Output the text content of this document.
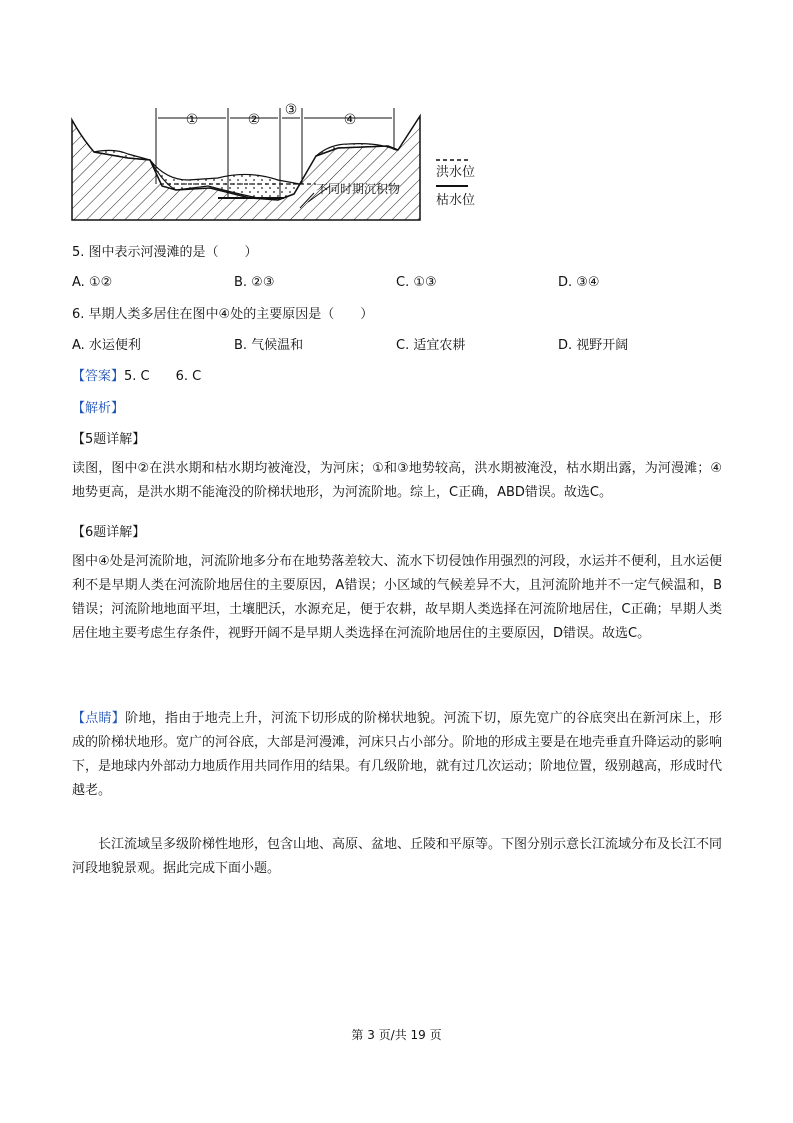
①	②
③
④
不同时期沉积物
洪水位
枯水位
5. 图中表示河漫滩的是（　　）
A. ①②	B. ②③	C. ①③	D. ③④
6. 早期人类多居住在图中④处的主要原因是（　　）
A. 水运便利	B. 气候温和	C. 适宜农耕	D. 视野开阔
【答案】5. C　　6. C
【解析】
【5题详解】
读图，图中②在洪水期和枯水期均被淹没，为河床；①和③地势较高，洪水期被淹没，枯水期出露，为河漫滩；④地势更高，是洪水期不能淹没的阶梯状地形，为河流阶地。综上，C正确，ABD错误。故选C。
【6题详解】
图中④处是河流阶地，河流阶地多分布在地势落差较大、流水下切侵蚀作用强烈的河段，水运并不便利，且水运便利不是早期人类在河流阶地居住的主要原因，A错误；小区域的气候差异不大，且河流阶地并不一定气候温和，B错误；河流阶地地面平坦，土壤肥沃，水源充足，便于农耕，故早期人类选择在河流阶地居住，C正确；早期人类居住地主要考虑生存条件，视野开阔不是早期人类选择在河流阶地居住的主要原因，D错误。故选C。
【点睛】阶地，指由于地壳上升，河流下切形成的阶梯状地貌。河流下切，原先宽广的谷底突出在新河床上，形成的阶梯状地形。宽广的河谷底，大部是河漫滩，河床只占小部分。阶地的形成主要是在地壳垂直升降运动的影响下，是地球内外部动力地质作用共同作用的结果。有几级阶地，就有过几次运动；阶地位置，级别越高，形成时代越老。
长江流域呈多级阶梯性地形，包含山地、高原、盆地、丘陵和平原等。下图分别示意长江流域分布及长江不同河段地貌景观。据此完成下面小题。
第 3 页/共 19 页
